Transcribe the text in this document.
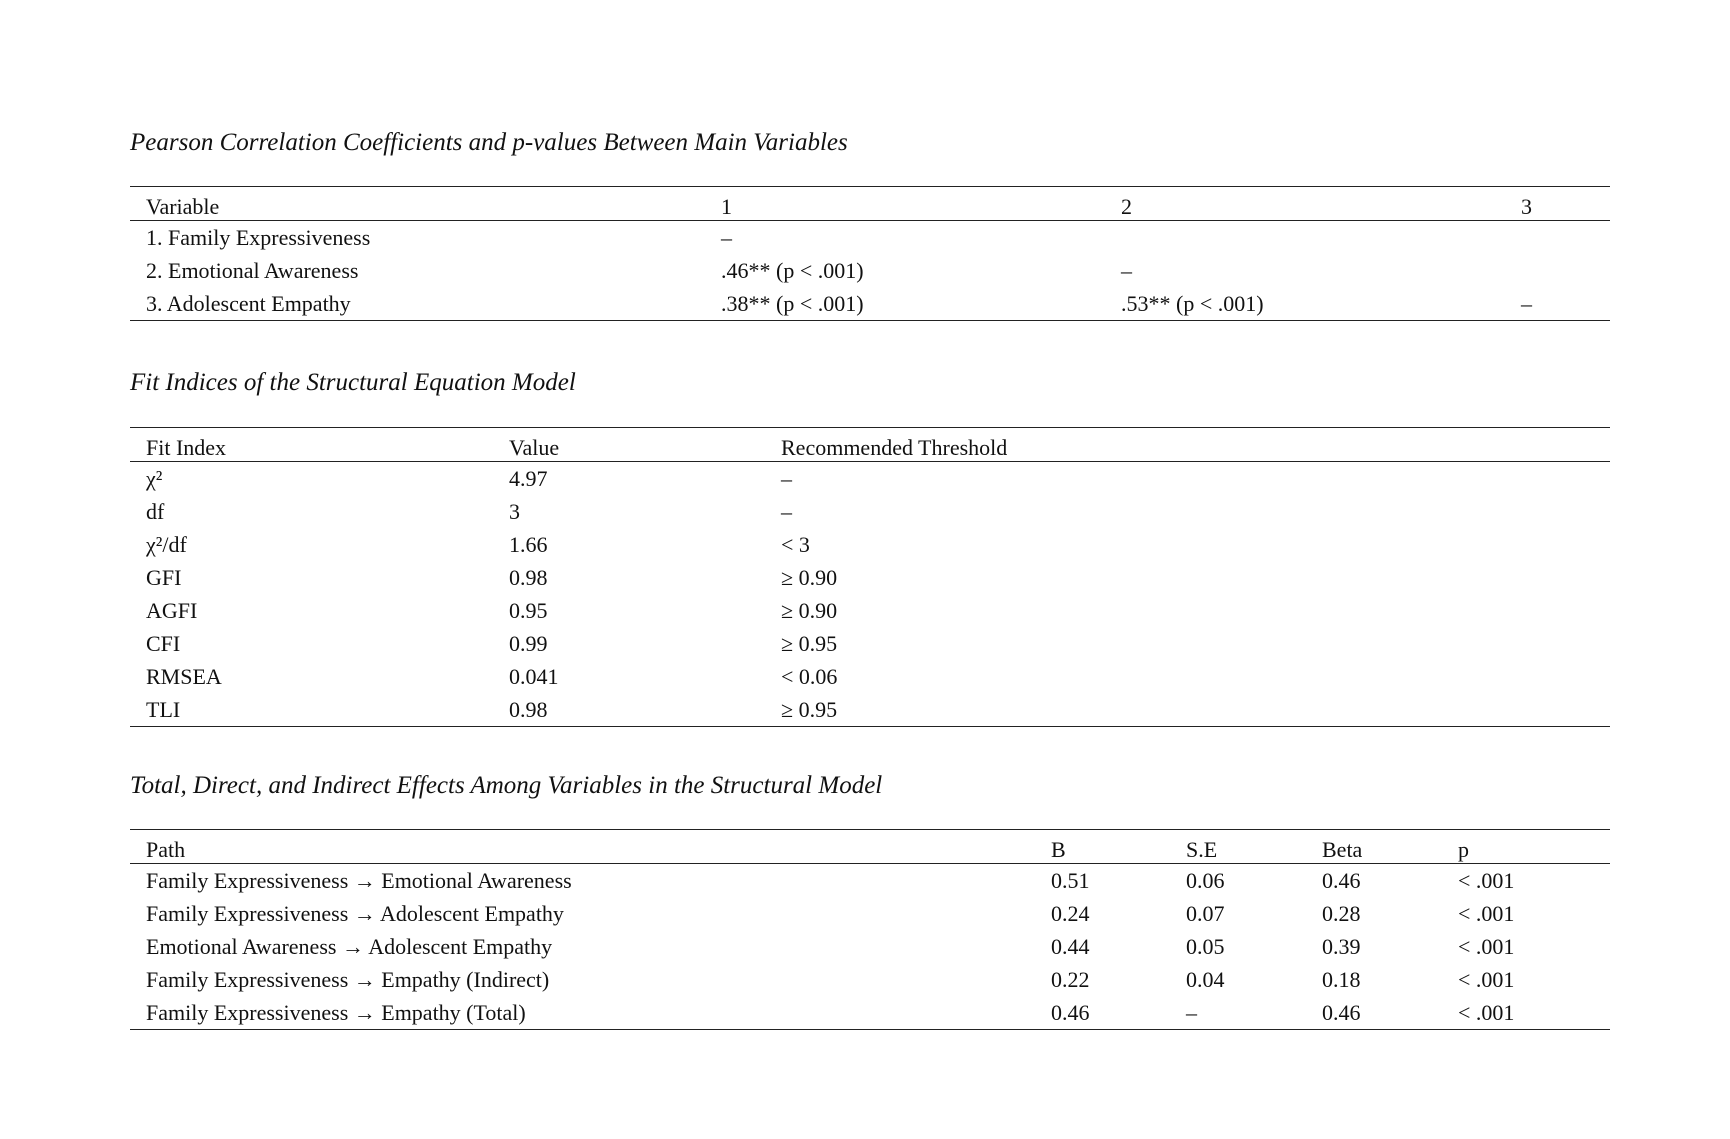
Pearson Correlation Coefficients and p-values Between Main Variables
Variable	1	2	3
1. Family Expressiveness	–		
2. Emotional Awareness	.46** (p < .001)	–	
3. Adolescent Empathy	.38** (p < .001)	.53** (p < .001)	–
Fit Indices of the Structural Equation Model
Fit Index	Value	Recommended Threshold
χ²	4.97	–
df	3	–
χ²/df	1.66	< 3
GFI	0.98	≥ 0.90
AGFI	0.95	≥ 0.90
CFI	0.99	≥ 0.95
RMSEA	0.041	< 0.06
TLI	0.98	≥ 0.95
Total, Direct, and Indirect Effects Among Variables in the Structural Model
Path	B	S.E	Beta	p
Family Expressiveness → Emotional Awareness	0.51	0.06	0.46	< .001
Family Expressiveness → Adolescent Empathy	0.24	0.07	0.28	< .001
Emotional Awareness → Adolescent Empathy	0.44	0.05	0.39	< .001
Family Expressiveness → Empathy (Indirect)	0.22	0.04	0.18	< .001
Family Expressiveness → Empathy (Total)	0.46	–	0.46	< .001
